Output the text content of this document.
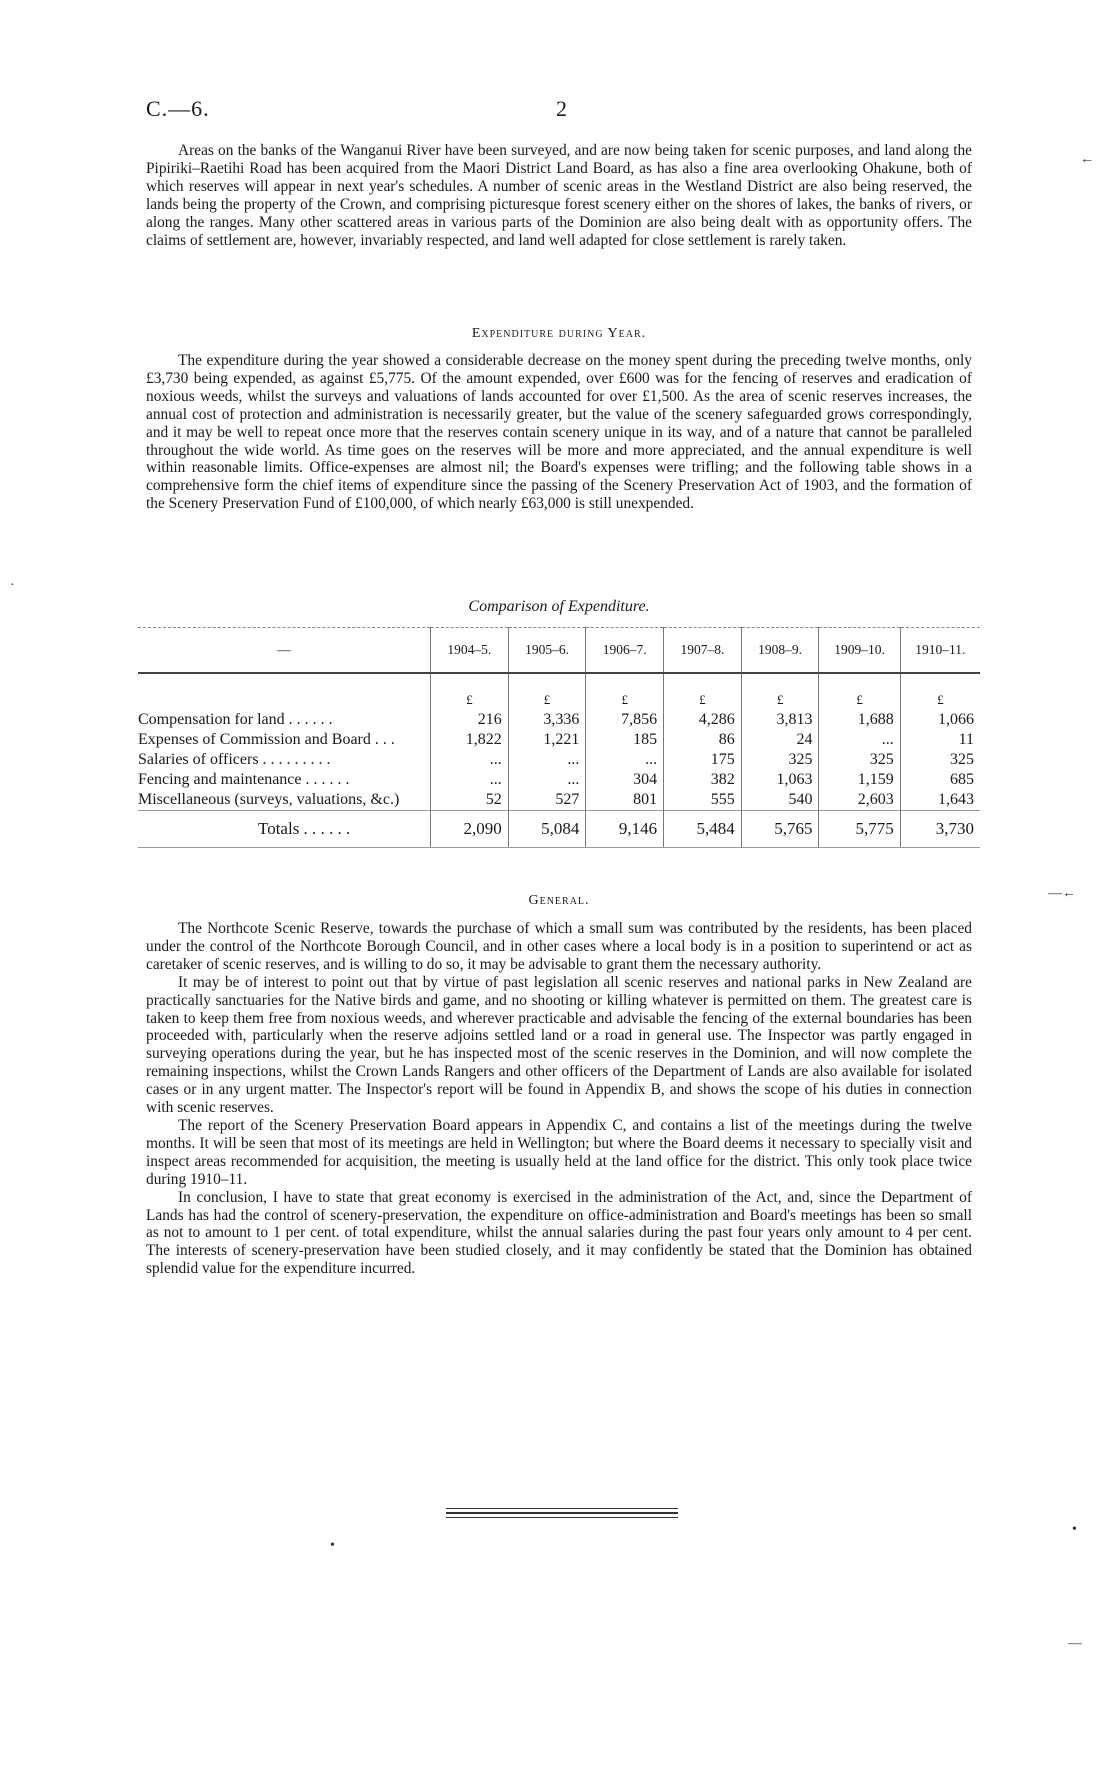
C.—6.	2

Areas on the banks of the Wanganui River have been surveyed, and are now being taken for scenic purposes, and land along the Pipiriki–Raetihi Road has been acquired from the Maori District Land Board, as has also a fine area overlooking Ohakune, both of which reserves will appear in next year's schedules. A number of scenic areas in the Westland District are also being reserved, the lands being the property of the Crown, and comprising picturesque forest scenery either on the shores of lakes, the banks of rivers, or along the ranges. Many other scattered areas in various parts of the Dominion are also being dealt with as opportunity offers. The claims of settlement are, however, invariably respected, and land well adapted for close settlement is rarely taken.

Expenditure during Year.

The expenditure during the year showed a considerable decrease on the money spent during the preceding twelve months, only £3,730 being expended, as against £5,775. Of the amount expended, over £600 was for the fencing of reserves and eradication of noxious weeds, whilst the surveys and valuations of lands accounted for over £1,500. As the area of scenic reserves increases, the annual cost of protection and administration is necessarily greater, but the value of the scenery safeguarded grows correspondingly, and it may be well to repeat once more that the reserves contain scenery unique in its way, and of a nature that cannot be paralleled throughout the wide world. As time goes on the reserves will be more and more appreciated, and the annual expenditure is well within reasonable limits. Office-expenses are almost nil; the Board's expenses were trifling; and the following table shows in a comprehensive form the chief items of expenditure since the passing of the Scenery Preservation Act of 1903, and the formation of the Scenery Preservation Fund of £100,000, of which nearly £63,000 is still unexpended.

Comparison of Expenditure.
—	1904–5.	1905–6.	1906–7.	1907–8.	1908–9.	1909–10.	1910–11.
	£	£	£	£	£	£	£
Compensation for land . . . . . .	216	3,336	7,856	4,286	3,813	1,688	1,066
Expenses of Commission and Board . . .	1,822	1,221	185	86	24	...	11
Salaries of officers . . . . . . . . .	...	...	...	175	325	325	325
Fencing and maintenance . . . . . .	...	...	304	382	1,063	1,159	685
Miscellaneous (surveys, valuations, &c.)	52	527	801	555	540	2,603	1,643
Totals . . . . . .	2,090	5,084	9,146	5,484	5,765	5,775	3,730
General.

The Northcote Scenic Reserve, towards the purchase of which a small sum was contributed by the residents, has been placed under the control of the Northcote Borough Council, and in other cases where a local body is in a position to superintend or act as caretaker of scenic reserves, and is willing to do so, it may be advisable to grant them the necessary authority.

It may be of interest to point out that by virtue of past legislation all scenic reserves and national parks in New Zealand are practically sanctuaries for the Native birds and game, and no shooting or killing whatever is permitted on them. The greatest care is taken to keep them free from noxious weeds, and wherever practicable and advisable the fencing of the external boundaries has been proceeded with, particularly when the reserve adjoins settled land or a road in general use. The Inspector was partly engaged in surveying operations during the year, but he has inspected most of the scenic reserves in the Dominion, and will now complete the remaining inspections, whilst the Crown Lands Rangers and other officers of the Department of Lands are also available for isolated cases or in any urgent matter. The Inspector's report will be found in Appendix B, and shows the scope of his duties in connection with scenic reserves.

The report of the Scenery Preservation Board appears in Appendix C, and contains a list of the meetings during the twelve months. It will be seen that most of its meetings are held in Wellington; but where the Board deems it necessary to specially visit and inspect areas recommended for acquisition, the meeting is usually held at the land office for the district. This only took place twice during 1910–11.

In conclusion, I have to state that great economy is exercised in the administration of the Act, and, since the Department of Lands has had the control of scenery-preservation, the expenditure on office-administration and Board's meetings has been so small as not to amount to 1 per cent. of total expenditure, whilst the annual salaries during the past four years only amount to 4 per cent. The interests of scenery-preservation have been studied closely, and it may confidently be stated that the Dominion has obtained splendid value for the expenditure incurred.

←
—←
·
•
•
—
